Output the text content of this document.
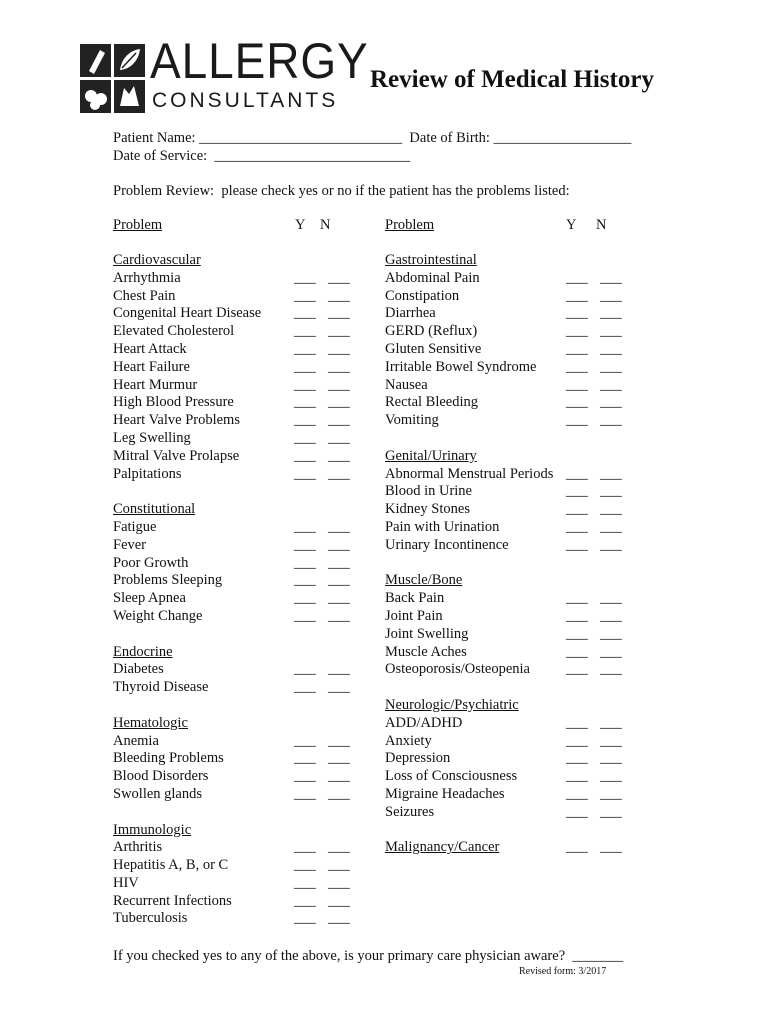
ALLERGY
CONSULTANTS
Review of Medical History
Patient Name: ____________________________  Date of Birth: ___________________
Date of Service:  ___________________________
Problem Review:  please check yes or no if the patient has the problems listed:
Problem	Y N
Cardiovascular
Arrhythmia	___ ___
Chest Pain	___ ___
Congenital Heart Disease ___ ___
Elevated Cholesterol	___ ___
Heart Attack	___ ___
Heart Failure	___ ___
Heart Murmur	___ ___
High Blood Pressure	___ ___
Heart Valve Problems	___ ___
Leg Swelling	___ ___
Mitral Valve Prolapse	___ ___
Palpitations	___ ___
Constitutional
Fatigue	___ ___
Fever	___ ___
Poor Growth	___ ___
Problems Sleeping	___ ___
Sleep Apnea	___ ___
Weight Change	___ ___
Endocrine
Diabetes	___ ___
Thyroid Disease	___ ___
Hematologic
Anemia	___ ___
Bleeding Problems	___ ___
Blood Disorders	___ ___
Swollen glands	___ ___
Immunologic
Arthritis	___ ___
Hepatitis A, B, or C	___ ___
HIV	___ ___
Recurrent Infections	___ ___
Tuberculosis	___ ___
Problem	Y N
Gastrointestinal
Abdominal Pain	___ ___
Constipation	___ ___
Diarrhea	___ ___
GERD (Reflux)	___ ___
Gluten Sensitive	___ ___
Irritable Bowel Syndrome ___ ___
Nausea	___ ___
Rectal Bleeding	___ ___
Vomiting	___ ___
Genital/Urinary
Abnormal Menstrual Periods ___ ___
Blood in Urine	___ ___
Kidney Stones	___ ___
Pain with Urination	___ ___
Urinary Incontinence	___ ___
Muscle/Bone
Back Pain	___ ___
Joint Pain	___ ___
Joint Swelling	___ ___
Muscle Aches	___ ___
Osteoporosis/Osteopenia ___ ___
Neurologic/Psychiatric
ADD/ADHD	___ ___
Anxiety	___ ___
Depression	___ ___
Loss of Consciousness	___ ___
Migraine Headaches	___ ___
Seizures	___ ___
Malignancy/Cancer	___ ___
If you checked yes to any of the above, is your primary care physician aware?  _______
Revised form: 3/2017
